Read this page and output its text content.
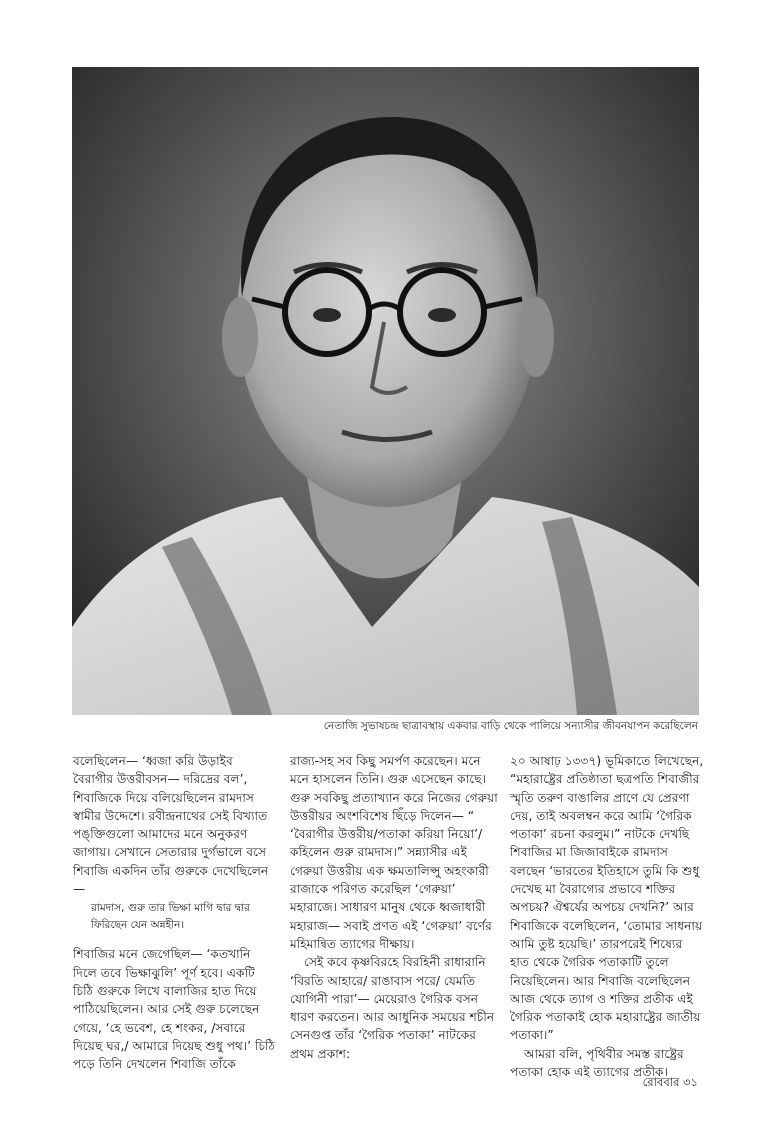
নেতাজি সুভাষচন্দ্র ছাত্রাবস্থায় একবার বাড়ি থেকে পালিয়ে সন্যাসীর জীবনযাপন করেছিলেন

বলেছিলেন— ‘ধ্বজা করি উড়াইব বৈরাগীর উত্তরীবসন— দরিদ্রের বল’, শিবাজিকে দিয়ে বলিয়েছিলেন রামদাস স্বামীর উদ্দেশে। রবীন্দ্রনাথের সেই বিখ্যাত পঙ্‌ক্তিগুলো আমাদের মনে অনুকরণ জাগায়। সেখানে সেতারার দুর্গভালে বসে শিবাজি একদিন তাঁর গুরুকে দেখেছিলেন—

রামদাস, গুরু তার ভিক্ষা মাগি দ্বার দ্বার ফিরিছেন যেন অন্নহীন।

শিবাজির মনে জেগেছিল— ‘কতখানি দিলে তবে ভিক্ষাঝুলি’ পূর্ণ হবে। একটি চিঠি গুরুকে লিখে বালাজির হাত দিয়ে পাঠিয়েছিলেন। আর সেই গুরু চলেছেন গেয়ে, ‘হে ভবেশ, হে শংকর, /সবারে দিয়েছ ঘর,/ আমারে দিয়েছ শুধু পথ।’ চিঠি পড়ে তিনি দেখলেন শিবাজি তাঁকে

রাজ্য-সহ সব কিছু সমর্পণ করেছেন। মনে মনে হাসলেন তিনি। গুরু এসেছেন কাছে। গুরু সবকিছু প্রত্যাখ্যান করে নিজের গেরুয়া উত্তরীয়র অংশবিশেষ ছিঁড়ে দিলেন— “ ‘বৈরাগীর উত্তরীয়/পতাকা করিয়া নিয়ো’/ কহিলেন গুরু রামদাস।” সন্ন্যাসীর এই গেরুয়া উত্তরীয় এক ক্ষমতালিপ্সু অহংকারী রাজাকে পরিণত করেছিল ‘গেরুয়া’ মহারাজে। সাধারণ মানুষ থেকে ধ্বজাধারী মহারাজ— সবাই প্রণত এই ‘গেরুয়া’ বর্ণের মহিমান্বিত ত্যাগের দীক্ষায়।

সেই কবে কৃষ্ণবিরহে বিরহিনী রাধারানি ‘বিরতি আহারে/ রাঙাবাস পরে/ যেমতি যোগিনী পারা’— মেয়েরাও গৈরিক বসন ধারণ করতেন। আর আধুনিক সময়ের শচীন সেনগুপ্ত তাঁর ‘গৈরিক পতাকা’ নাটকের প্রথম প্রকাশ:

২০ আষাঢ় ১৩৩৭) ভূমিকাতে লিখেছেন, “মহারাষ্ট্রের প্রতিষ্ঠাতা ছত্রপতি শিবাজীর স্মৃতি তরুণ বাঙালির প্রাণে যে প্রেরণা দেয়, তাই অবলম্বন করে আমি ‘গৈরিক পতাকা’ রচনা করলুম।” নাটকে দেখছি শিবাজির মা জিজাবাইকে রামদাস বলছেন ‘ভারতের ইতিহাসে তুমি কি শুধু দেখেছ মা বৈরাগ্যের প্রভাবে শক্তির অপচয়? ঐশ্বর্যের অপচয় দেখনি?’ আর শিবাজিকে বলেছিলেন, ‘তোমার সাধনায় আমি তুষ্ট হয়েছি।’ তারপরেই শিষ্যের হাত থেকে গৈরিক পতাকাটি তুলে নিয়েছিলেন। আর শিবাজি বলেছিলেন আজ থেকে ত্যাগ ও শক্তির প্রতীক এই গৈরিক পতাকাই হোক মহারাষ্ট্রের জাতীয় পতাকা।”

আমরা বলি, পৃথিবীর সমস্ত রাষ্ট্রের পতাকা হোক এই ত্যাগের প্রতীক।

রোববার ৩১
